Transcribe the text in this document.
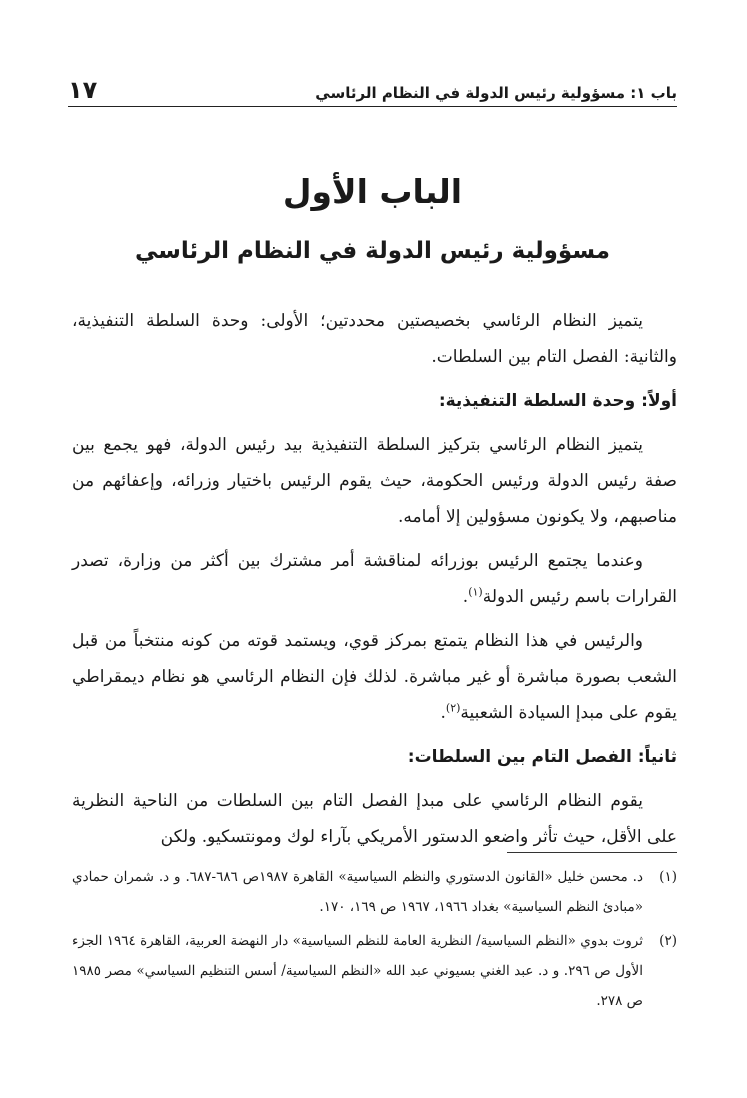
باب ١: مسؤولية رئيس الدولة في النظام الرئاسي
١٧
الباب الأول
مسؤولية رئيس الدولة في النظام الرئاسي

يتميز النظام الرئاسي بخصيصتين محددتين؛ الأولى: وحدة السلطة التنفيذية، والثانية: الفصل التام بين السلطات.

أولاً: وحدة السلطة التنفيذية:

يتميز النظام الرئاسي بتركيز السلطة التنفيذية بيد رئيس الدولة، فهو يجمع بين صفة رئيس الدولة ورئيس الحكومة، حيث يقوم الرئيس باختيار وزرائه، وإعفائهم من مناصبهم، ولا يكونون مسؤولين إلا أمامه.

وعندما يجتمع الرئيس بوزرائه لمناقشة أمر مشترك بين أكثر من وزارة، تصدر القرارات باسم رئيس الدولة$^{(١)}$.

والرئيس في هذا النظام يتمتع بمركز قوي، ويستمد قوته من كونه منتخباً من قبل الشعب بصورة مباشرة أو غير مباشرة. لذلك فإن النظام الرئاسي هو نظام ديمقراطي يقوم على مبدإ السيادة الشعبية$^{(٢)}$.

ثانياً: الفصل التام بين السلطات:

يقوم النظام الرئاسي على مبدإ الفصل التام بين السلطات من الناحية النظرية على الأقل، حيث تأثر واضعو الدستور الأمريكي بآراء لوك ومونتسكيو. ولكن

(١)
د. محسن خليل «القانون الدستوري والنظم السياسية» القاهرة ١٩٨٧ص ٦٨٦-٦٨٧. و د. شمران حمادي «مبادئ النظم السياسية» بغداد ١٩٦٦، ١٩٦٧ ص ١٦٩، ١٧٠.
(٢)
ثروت بدوي «النظم السياسية/ النظرية العامة للنظم السياسية» دار النهضة العربية، القاهرة ١٩٦٤ الجزء الأول ص ٢٩٦. و د. عبد الغني بسيوني عبد الله «النظم السياسية/ أسس التنظيم السياسي» مصر ١٩٨٥ ص ٢٧٨.
